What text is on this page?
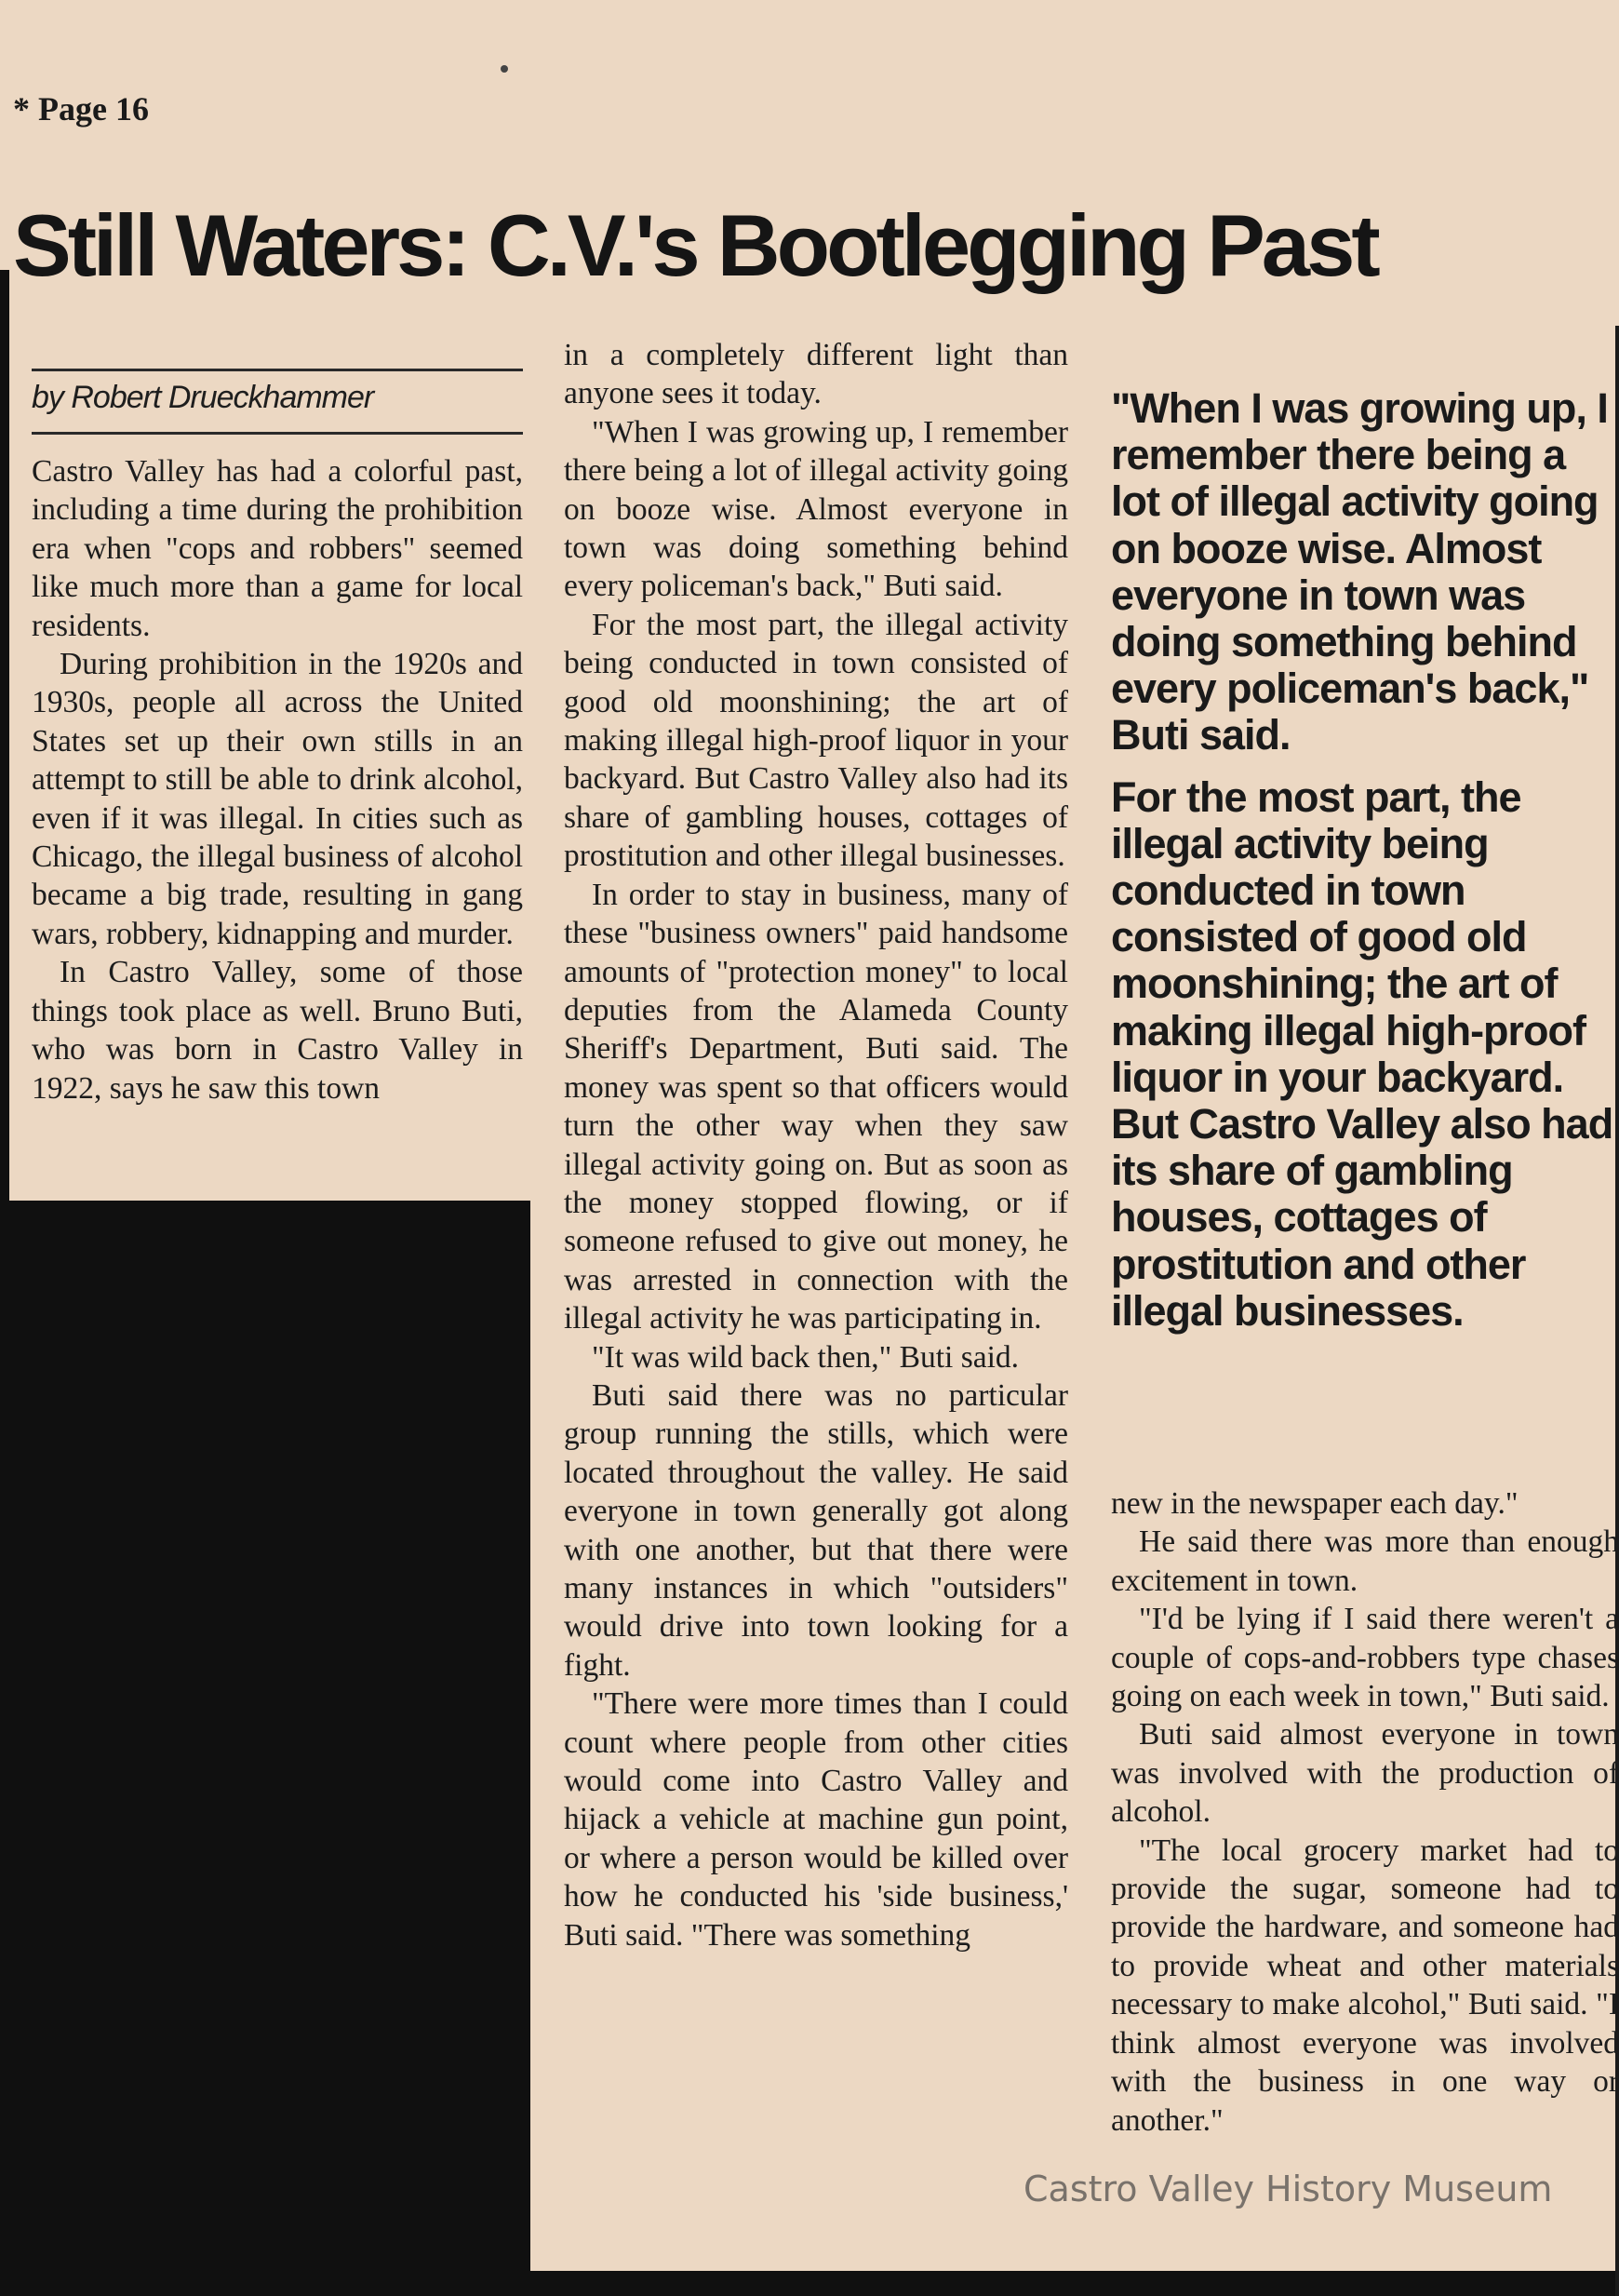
* Page 16
Still Waters: C.V.'s Bootlegging Past
by Robert Drueckhammer

Castro Valley has had a colorful past, including a time during the prohibition era when "cops and robbers" seemed like much more than a game for local residents.

During prohibition in the 1920s and 1930s, people all across the United States set up their own stills in an attempt to still be able to drink alcohol, even if it was illegal. In cities such as Chicago, the illegal business of alcohol became a big trade, resulting in gang wars, robbery, kidnapping and murder.

In Castro Valley, some of those things took place as well. Bruno Buti, who was born in Castro Valley in 1922, says he saw this town

in a completely different light than anyone sees it today.

"When I was growing up, I remember there being a lot of illegal activity going on booze wise. Almost everyone in town was doing something behind every policeman's back," Buti said.

For the most part, the illegal activity being conducted in town consisted of good old moonshining; the art of making illegal high-proof liquor in your backyard. But Castro Valley also had its share of gambling houses, cottages of prostitution and other illegal businesses.

In order to stay in business, many of these "business owners" paid handsome amounts of "protection money" to local deputies from the Alameda County Sheriff's Department, Buti said. The money was spent so that officers would turn the other way when they saw illegal activity going on. But as soon as the money stopped flowing, or if someone refused to give out money, he was arrested in connection with the illegal activity he was participating in.

"It was wild back then," Buti said.

Buti said there was no particular group running the stills, which were located throughout the valley. He said everyone in town generally got along with one another, but that there were many instances in which "outsiders" would drive into town looking for a fight.

"There were more times than I could count where people from other cities would come into Castro Valley and hijack a vehicle at machine gun point, or where a person would be killed over how he conducted his 'side business,' Buti said. "There was something

"When I was growing up, I remember there being a lot of illegal activity going on booze wise. Almost everyone in town was doing something behind every policeman's back," Buti said.

For the most part, the illegal activity being conducted in town consisted of good old moonshining; the art of making illegal high-proof liquor in your backyard. But Castro Valley also had its share of gambling houses, cottages of prostitution and other illegal businesses.

new in the newspaper each day."

He said there was more than enough excitement in town.

"I'd be lying if I said there weren't a couple of cops-and-robbers type chases going on each week in town," Buti said.

Buti said almost everyone in town was involved with the production of alcohol.

"The local grocery market had to provide the sugar, someone had to provide the hardware, and someone had to provide wheat and other materials necessary to make alcohol," Buti said. "I think almost everyone was involved with the business in one way or another."

Castro Valley History Museum
